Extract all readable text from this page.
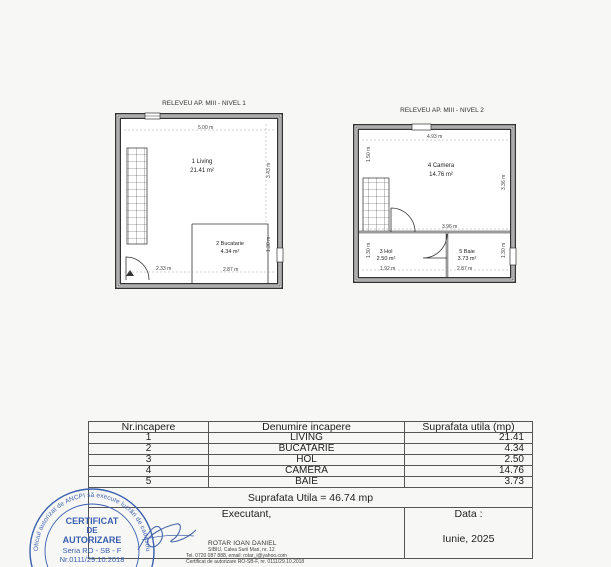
RELEVEU AP. MIII - NIVEL 1
5.00 m
3.43 m
1.30 m
2.33 m	2.87 m
1 Living
21.41 m²
2 Bucatarie
4.34 m²
RELEVEU AP. MIII - NIVEL 2
4.93 m
1.50 m
3.36 m
3.96 m
1.30 m	1.30 m
1.92 m	2.87 m
4 Camera
14.76 m²
3 Hol
2.50 m²
5 Baie
3.73 m²
Nr.incapere	Denumire incapere	Suprafata utila (mp)
1	LIVING	21.41
2	BUCATARIE	4.34
3	HOL	2.50
4	CAMERA	14.76
5	BAIE	3.73
Suprafata Utila = 46.74 mp		

Executant,		Data :
Iunie, 2025
ROTAR IOAN DANIEL
SIBIU, Calea Surii Mari, nr. 12
Tel. 0720 087 888, email: rotar_i@yahoo.com
Certificat de autorizare RO-SB-F, nr. 0111/29.10.2018
Oficiul autorizat de ANCPI să execute lucrări de cadastru
CERTIFICAT
DE
AUTORIZARE
Seria RO - SB - F
Nr.0111/29.10.2018
